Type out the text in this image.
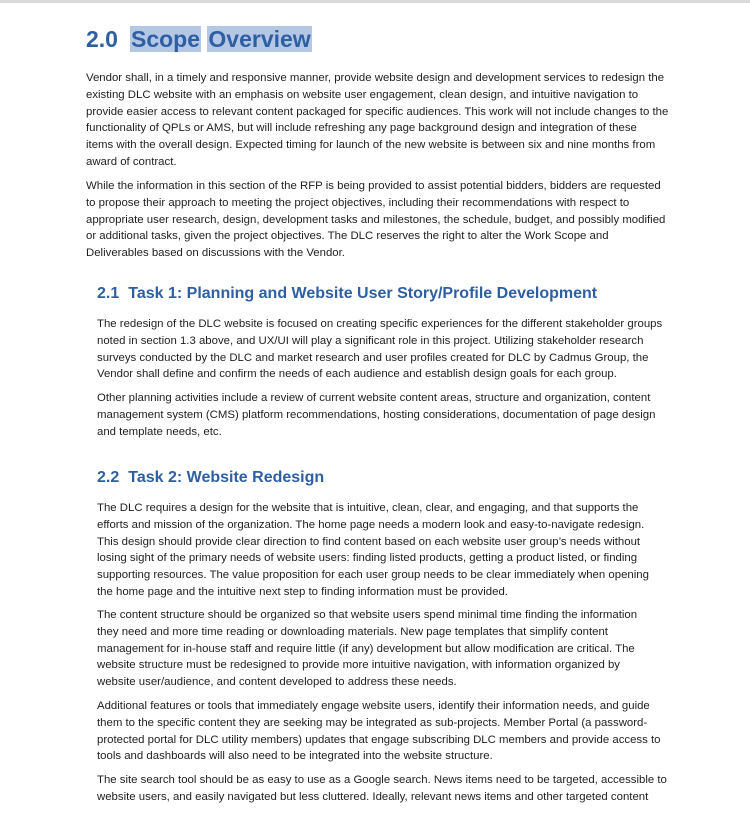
2.0 Scope Overview

Vendor shall, in a timely and responsive manner, provide website design and development services to redesign the
existing DLC website with an emphasis on website user engagement, clean design, and intuitive navigation to
provide easier access to relevant content packaged for specific audiences. This work will not include changes to the
functionality of QPLs or AMS, but will include refreshing any page background design and integration of these
items with the overall design. Expected timing for launch of the new website is between six and nine months from
award of contract.

While the information in this section of the RFP is being provided to assist potential bidders, bidders are requested
to propose their approach to meeting the project objectives, including their recommendations with respect to
appropriate user research, design, development tasks and milestones, the schedule, budget, and possibly modified
or additional tasks, given the project objectives. The DLC reserves the right to alter the Work Scope and
Deliverables based on discussions with the Vendor.

2.1 Task 1: Planning and Website User Story/Profile Development

The redesign of the DLC website is focused on creating specific experiences for the different stakeholder groups
noted in section 1.3 above, and UX/UI will play a significant role in this project. Utilizing stakeholder research
surveys conducted by the DLC and market research and user profiles created for DLC by Cadmus Group, the
Vendor shall define and confirm the needs of each audience and establish design goals for each group.

Other planning activities include a review of current website content areas, structure and organization, content
management system (CMS) platform recommendations, hosting considerations, documentation of page design
and template needs, etc.

2.2 Task 2: Website Redesign

The DLC requires a design for the website that is intuitive, clean, clear, and engaging, and that supports the
efforts and mission of the organization. The home page needs a modern look and easy-to-navigate redesign.
This design should provide clear direction to find content based on each website user group’s needs without
losing sight of the primary needs of website users: finding listed products, getting a product listed, or finding
supporting resources. The value proposition for each user group needs to be clear immediately when opening
the home page and the intuitive next step to finding information must be provided.

The content structure should be organized so that website users spend minimal time finding the information
they need and more time reading or downloading materials. New page templates that simplify content
management for in-house staff and require little (if any) development but allow modification are critical. The
website structure must be redesigned to provide more intuitive navigation, with information organized by
website user/audience, and content developed to address these needs.

Additional features or tools that immediately engage website users, identify their information needs, and guide
them to the specific content they are seeking may be integrated as sub-projects. Member Portal (a password-
protected portal for DLC utility members) updates that engage subscribing DLC members and provide access to
tools and dashboards will also need to be integrated into the website structure.

The site search tool should be as easy to use as a Google search. News items need to be targeted, accessible to
website users, and easily navigated but less cluttered. Ideally, relevant news items and other targeted content
